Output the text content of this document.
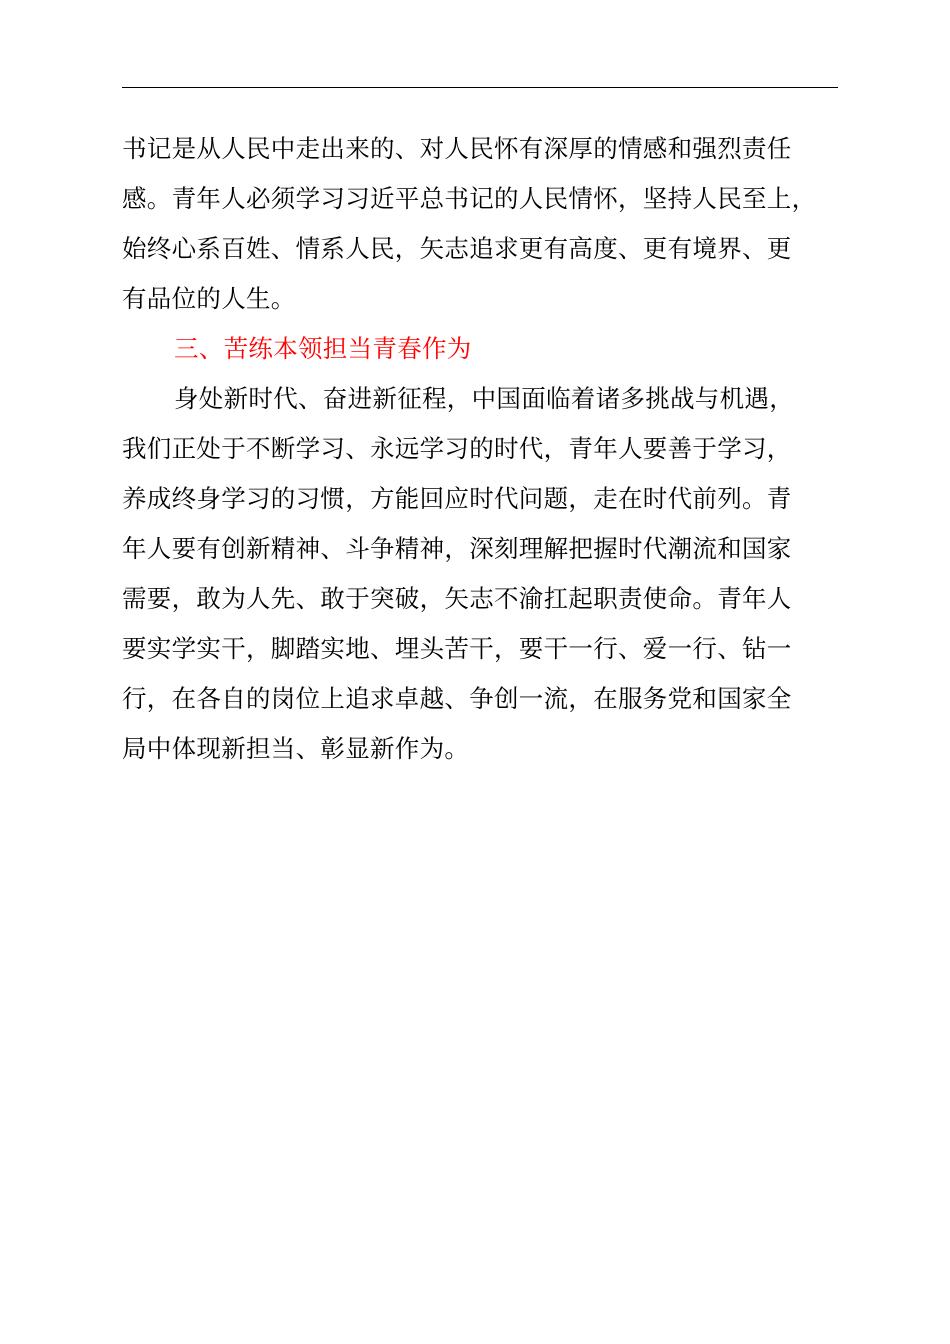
书记是从人民中走出来的、对人民怀有深厚的情感和强烈责任
感。青年人必须学习习近平总书记的人民情怀，坚持人民至上，
始终心系百姓、情系人民，矢志追求更有高度、更有境界、更
有品位的人生。
三、苦练本领担当青春作为
身处新时代、奋进新征程，中国面临着诸多挑战与机遇，
我们正处于不断学习、永远学习的时代，青年人要善于学习，
养成终身学习的习惯，方能回应时代问题，走在时代前列。青
年人要有创新精神、斗争精神，深刻理解把握时代潮流和国家
需要，敢为人先、敢于突破，矢志不渝扛起职责使命。青年人
要实学实干，脚踏实地、埋头苦干，要干一行、爱一行、钻一
行，在各自的岗位上追求卓越、争创一流，在服务党和国家全
局中体现新担当、彰显新作为。
